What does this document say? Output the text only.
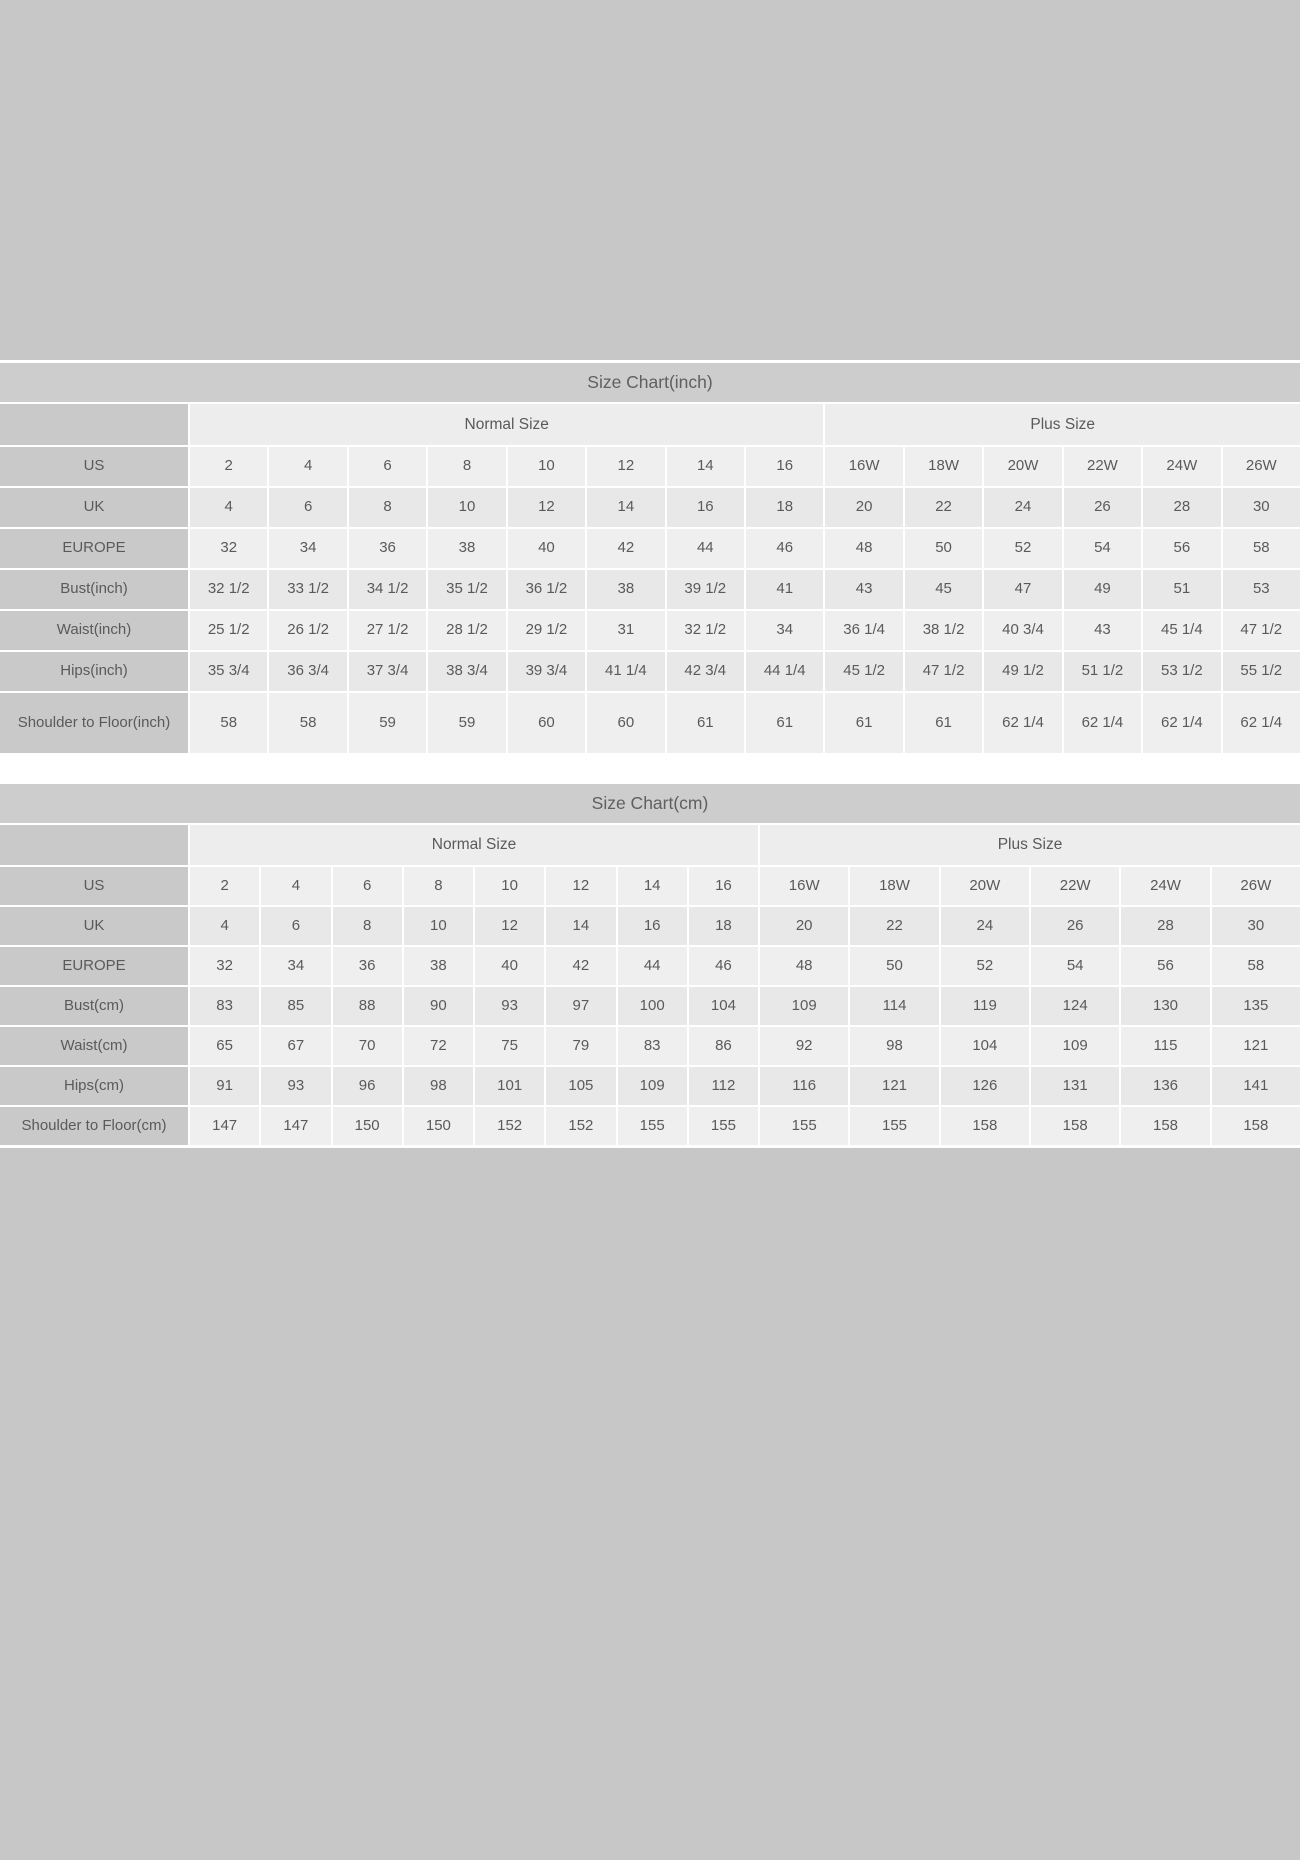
Size Chart(inch)
Normal Size	Plus Size
US	2	4	6	8	10	12	14	16	16W	18W	20W	22W	24W	26W
UK	4	6	8	10	12	14	16	18	20	22	24	26	28	30
EUROPE	32	34	36	38	40	42	44	46	48	50	52	54	56	58
Bust(inch)	32 1/2	33 1/2	34 1/2	35 1/2	36 1/2	38	39 1/2	41	43	45	47	49	51	53
Waist(inch)	25 1/2	26 1/2	27 1/2	28 1/2	29 1/2	31	32 1/2	34	36 1/4	38 1/2	40 3/4	43	45 1/4	47 1/2
Hips(inch)	35 3/4	36 3/4	37 3/4	38 3/4	39 3/4	41 1/4	42 3/4	44 1/4	45 1/2	47 1/2	49 1/2	51 1/2	53 1/2	55 1/2
Shoulder to Floor(inch)	58	58	59	59	60	60	61	61	61	61	62 1/4	62 1/4	62 1/4	62 1/4
Size Chart(cm)
Normal Size	Plus Size
US	2	4	6	8	10	12	14	16	16W	18W	20W	22W	24W	26W
UK	4	6	8	10	12	14	16	18	20	22	24	26	28	30
EUROPE	32	34	36	38	40	42	44	46	48	50	52	54	56	58
Bust(cm)	83	85	88	90	93	97	100	104	109	114	119	124	130	135
Waist(cm)	65	67	70	72	75	79	83	86	92	98	104	109	115	121
Hips(cm)	91	93	96	98	101	105	109	112	116	121	126	131	136	141
Shoulder to Floor(cm)	147	147	150	150	152	152	155	155	155	155	158	158	158	158
